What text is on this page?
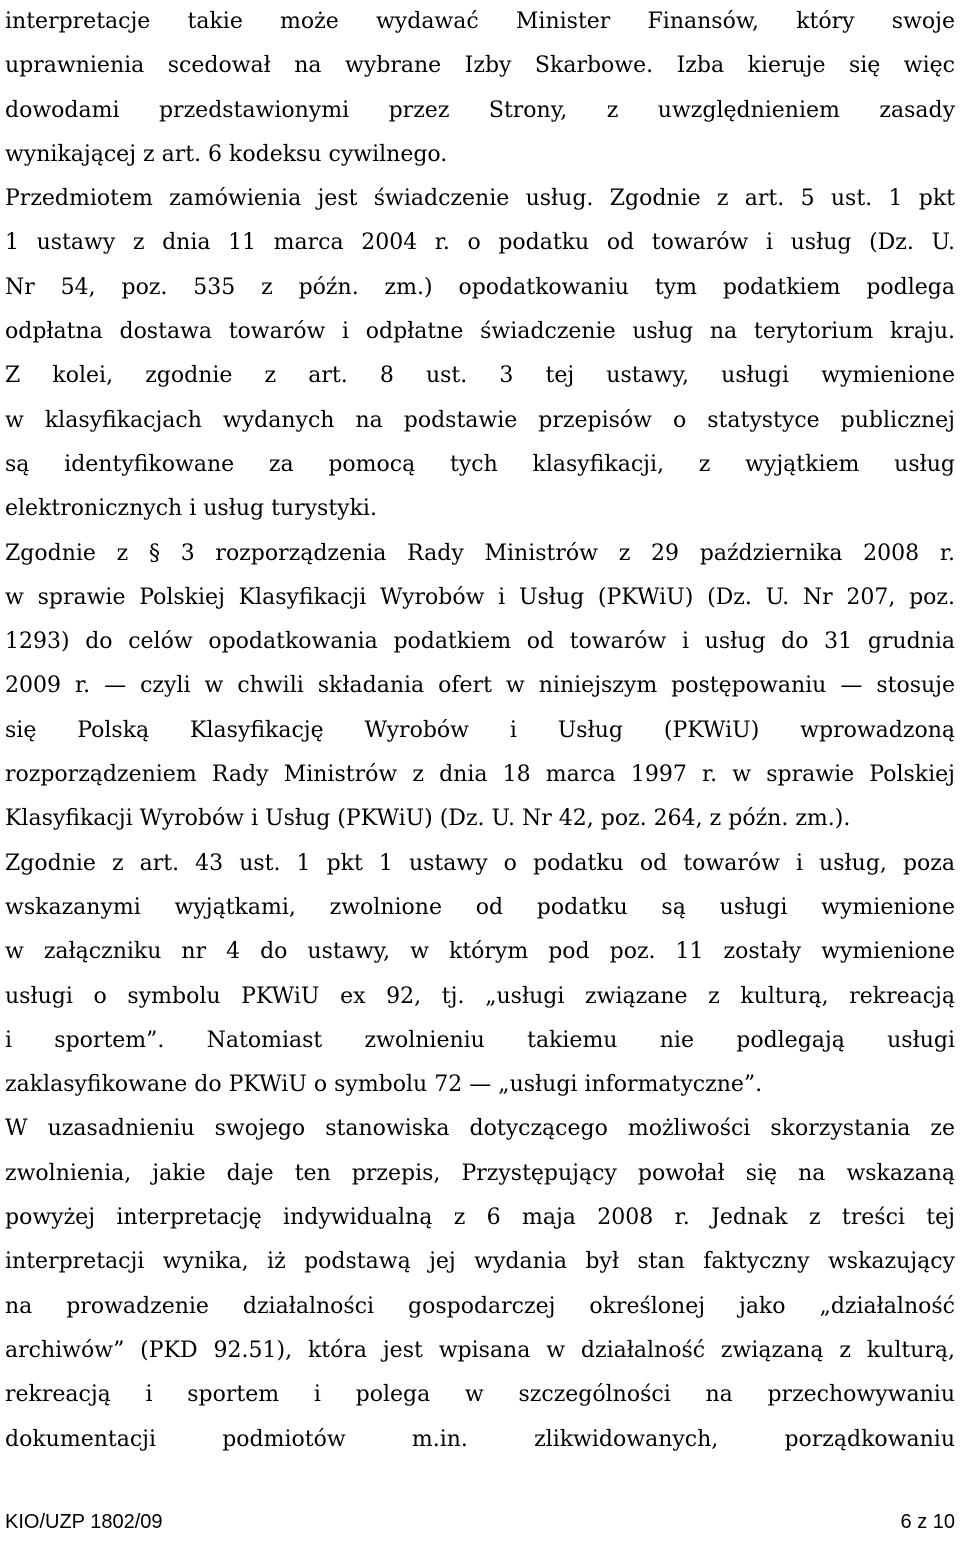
interpretacje takie może wydawać Minister Finansów, który swoje
uprawnienia scedował na wybrane Izby Skarbowe. Izba kieruje się więc
dowodami przedstawionymi przez Strony, z uwzględnieniem zasady
wynikającej z art. 6 kodeksu cywilnego.
Przedmiotem zamówienia jest świadczenie usług. Zgodnie z art. 5 ust. 1 pkt
1 ustawy z dnia 11 marca 2004 r. o podatku od towarów i usług (Dz. U.
Nr 54, poz. 535 z późn. zm.) opodatkowaniu tym podatkiem podlega
odpłatna dostawa towarów i odpłatne świadczenie usług na terytorium kraju.
Z kolei, zgodnie z art. 8 ust. 3 tej ustawy, usługi wymienione
w klasyfikacjach wydanych na podstawie przepisów o statystyce publicznej
są identyfikowane za pomocą tych klasyfikacji, z wyjątkiem usług
elektronicznych i usług turystyki.
Zgodnie z § 3 rozporządzenia Rady Ministrów z 29 października 2008 r.
w sprawie Polskiej Klasyfikacji Wyrobów i Usług (PKWiU) (Dz. U. Nr 207, poz.
1293) do celów opodatkowania podatkiem od towarów i usług do 31 grudnia
2009 r. — czyli w chwili składania ofert w niniejszym postępowaniu — stosuje
się Polską Klasyfikację Wyrobów i Usług (PKWiU) wprowadzoną
rozporządzeniem Rady Ministrów z dnia 18 marca 1997 r. w sprawie Polskiej
Klasyfikacji Wyrobów i Usług (PKWiU) (Dz. U. Nr 42, poz. 264, z późn. zm.).
Zgodnie z art. 43 ust. 1 pkt 1 ustawy o podatku od towarów i usług, poza
wskazanymi wyjątkami, zwolnione od podatku są usługi wymienione
w załączniku nr 4 do ustawy, w którym pod poz. 11 zostały wymienione
usługi o symbolu PKWiU ex 92, tj. „usługi związane z kulturą, rekreacją
i sportem”. Natomiast zwolnieniu takiemu nie podlegają usługi
zaklasyfikowane do PKWiU o symbolu 72 — „usługi informatyczne”.
W uzasadnieniu swojego stanowiska dotyczącego możliwości skorzystania ze
zwolnienia, jakie daje ten przepis, Przystępujący powołał się na wskazaną
powyżej interpretację indywidualną z 6 maja 2008 r. Jednak z treści tej
interpretacji wynika, iż podstawą jej wydania był stan faktyczny wskazujący
na prowadzenie działalności gospodarczej określonej jako „działalność
archiwów” (PKD 92.51), która jest wpisana w działalność związaną z kulturą,
rekreacją i sportem i polega w szczególności na przechowywaniu
dokumentacji podmiotów m.in. zlikwidowanych, porządkowaniu
KIO/UZP 1802/09	6 z 10
